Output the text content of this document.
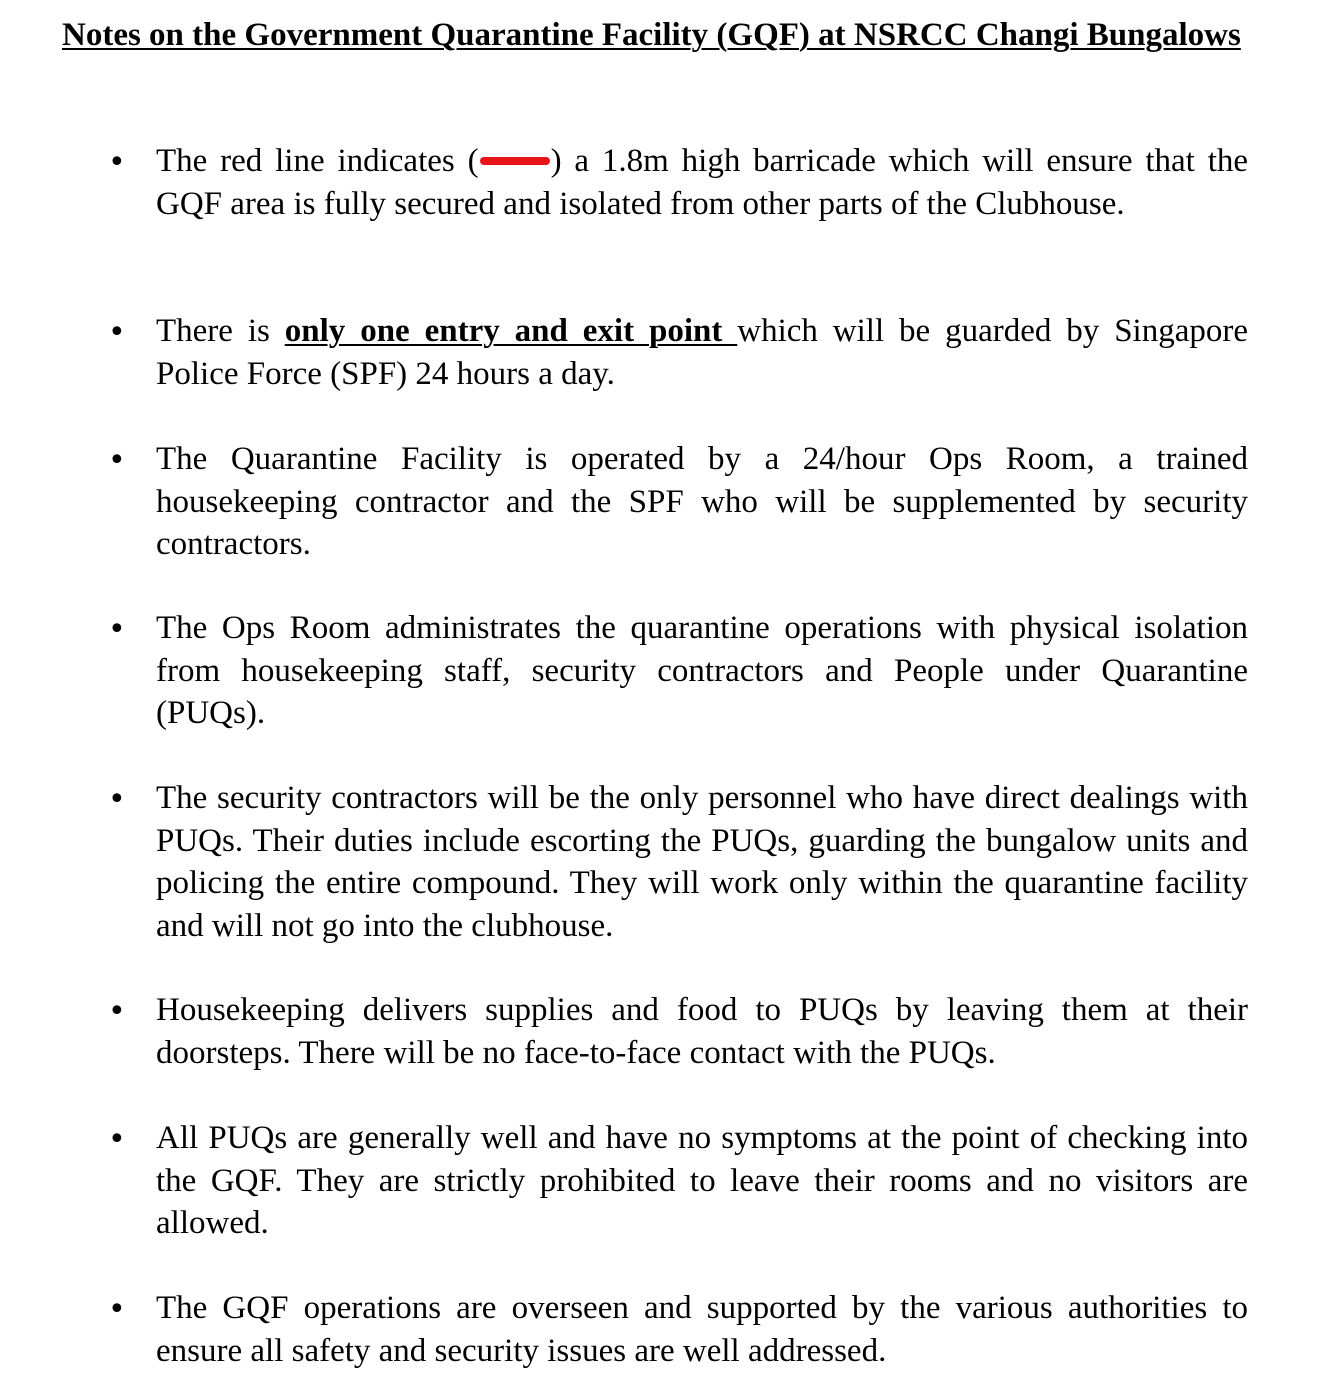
Notes on the Government Quarantine Facility (GQF) at NSRCC Changi Bungalows
• The red line indicates ( ) a 1.8m high barricade which will ensure that the GQF area is fully secured and isolated from other parts of the Clubhouse.

• There is only one entry and exit point which will be guarded by Singapore Police Force (SPF) 24 hours a day.

• The Quarantine Facility is operated by a 24/hour Ops Room, a trained housekeeping contractor and the SPF who will be supplemented by security contractors.

• The Ops Room administrates the quarantine operations with physical isolation from housekeeping staff, security contractors and People under Quarantine (PUQs).

• The security contractors will be the only personnel who have direct dealings with PUQs. Their duties include escorting the PUQs, guarding the bungalow units and policing the entire compound. They will work only within the quarantine facility and will not go into the clubhouse.

• Housekeeping delivers supplies and food to PUQs by leaving them at their doorsteps. There will be no face-to-face contact with the PUQs.

• All PUQs are generally well and have no symptoms at the point of checking into the GQF. They are strictly prohibited to leave their rooms and no visitors are allowed.

• The GQF operations are overseen and supported by the various authorities to ensure all safety and security issues are well addressed.
